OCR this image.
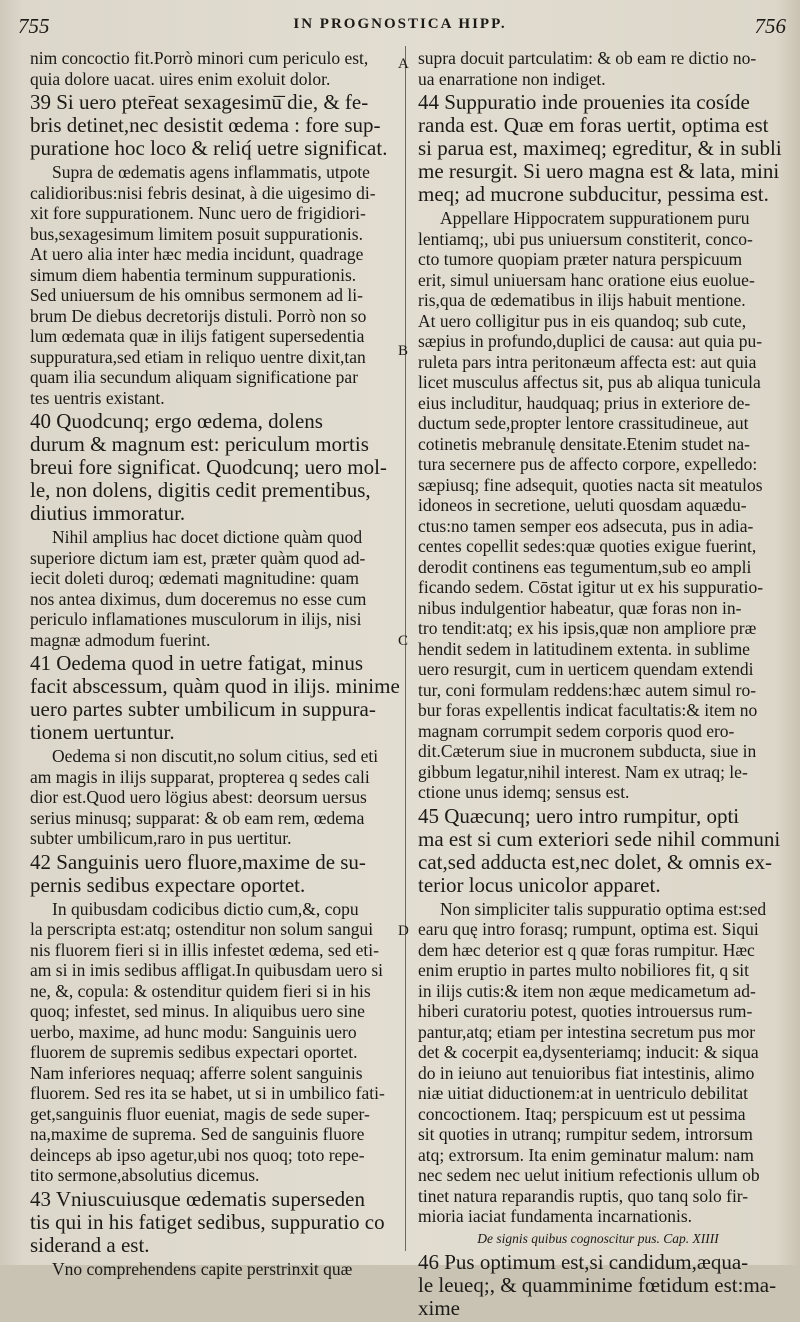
755	IN PROGNOSTICA HIPP.	756
A
B
C
D
nim concoctio fit.Porrò minori cum periculo est,
quia dolore uacat. uires enim exoluit dolor.
39 Si uero pter̄eat sexagesimū̄ die, & fe-
bris detinet,nec desistit œdema : fore sup-
puratione hoc loco & reliq́ uetre significat.
Supra de œdematis agens inflammatis, utpote
calidioribus:nisi febris desinat, à die uigesimo di-
xit fore suppurationem. Nunc uero de frigidiori-
bus,sexagesimum limitem posuit suppurationis.
At uero alia inter hæc media incidunt, quadrage
simum diem habentia terminum suppurationis.
Sed uniuersum de his omnibus sermonem ad li-
brum De diebus decretorijs distuli. Porrò non so
lum œdemata quæ in ilijs fatigent supersedentia
suppuratura,sed etiam in reliquo uentre dixit,tan
quam ilia secundum aliquam significatione par
tes uentris existant.
40 Quodcunq; ergo œdema, dolens
durum & magnum est: periculum mortis
breui fore significat. Quodcunq; uero mol-
le, non dolens, digitis cedit prementibus,
diutius immoratur.
Nihil amplius hac docet dictione quàm quod
superiore dictum iam est, præter quàm quod ad-
iecit doleti duroq; œdemati magnitudine: quam
nos antea diximus, dum doceremus no esse cum
periculo inflamationes musculorum in ilijs, nisi
magnæ admodum fuerint.
41 Oedema quod in uetre fatigat, minus
facit abscessum, quàm quod in ilijs. minime
uero partes subter umbilicum in suppura-
tionem uertuntur.
Oedema si non discutit,no solum citius, sed eti
am magis in ilijs supparat, propterea q sedes cali
dior est.Quod uero lögius abest: deorsum uersus
serius minusq; supparat: & ob eam rem, œdema
subter umbilicum,raro in pus uertitur.
42 Sanguinis uero fluore,maxime de su-
pernis sedibus expectare oportet.
In quibusdam codicibus dictio cum,&, copu
la perscripta est:atq; ostenditur non solum sangui
nis fluorem fieri si in illis infestet œdema, sed eti-
am si in imis sedibus affligat.In quibusdam uero si
ne, &, copula: & ostenditur quidem fieri si in his
quoq; infestet, sed minus. In aliquibus uero sine
uerbo, maxime, ad hunc modu: Sanguinis uero
fluorem de supremis sedibus expectari oportet.
Nam inferiores nequaq; afferre solent sanguinis
fluorem. Sed res ita se habet, ut si in umbilico fati-
get,sanguinis fluor eueniat, magis de sede super-
na,maxime de suprema. Sed de sanguinis fluore
deinceps ab ipso agetur,ubi nos quoq; toto repe-
tito sermone,absolutius dicemus.
43 Vniuscuiusque œdematis superseden
tis qui in his fatiget sedibus, suppuratio co
siderand a est.
Vno comprehendens capite perstrinxit quæ
supra docuit partculatim: & ob eam re dictio no-
ua enarratione non indiget.
44 Suppuratio inde prouenies ita cosíde
randa est. Quæ em foras uertit, optima est
si parua est, maximeq; egreditur, & in subli
me resurgit. Si uero magna est & lata, mini
meq; ad mucrone subducitur, pessima est.
Appellare Hippocratem suppurationem puru
lentiamq;, ubi pus uniuersum constiterit, conco-
cto tumore quopiam præter natura perspicuum
erit, simul uniuersam hanc oratione eius euolue-
ris,qua de œdematibus in ilijs habuit mentione.
At uero colligitur pus in eis quandoq; sub cute,
sæpius in profundo,duplici de causa: aut quia pu-
ruleta pars intra peritonæum affecta est: aut quia
licet musculus affectus sit, pus ab aliqua tunicula
eius includitur, haudquaq; prius in exteriore de-
ductum sede,propter lentore crassitudineue, aut
cotinetis mebranulę densitate.Etenim studet na-
tura secernere pus de affecto corpore, expelledo:
sæpiusq; fine adsequit, quoties nacta sit meatulos
idoneos in secretione, ueluti quosdam aquædu-
ctus:no tamen semper eos adsecuta, pus in adia-
centes copellit sedes:quæ quoties exigue fuerint,
derodit continens eas tegumentum,sub eo ampli
ficando sedem. Cōstat igitur ut ex his suppuratio-
nibus indulgentior habeatur, quæ foras non in-
tro tendit:atq; ex his ipsis,quæ non ampliore præ
hendit sedem in latitudinem extenta. in sublime
uero resurgit, cum in uerticem quendam extendi
tur, coni formulam reddens:hæc autem simul ro-
bur foras expellentis indicat facultatis:& item no
magnam corrumpit sedem corporis quod ero-
dit.Cæterum siue in mucronem subducta, siue in
gibbum legatur,nihil interest. Nam ex utraq; le-
ctione unus idemq; sensus est.
45 Quæcunq; uero intro rumpitur, opti
ma est si cum exteriori sede nihil communi
cat,sed adducta est,nec dolet, & omnis ex-
terior locus unicolor apparet.
Non simpliciter talis suppuratio optima est:sed
earu quę intro forasq; rumpunt, optima est. Siqui
dem hæc deterior est q quæ foras rumpitur. Hæc
enim eruptio in partes multo nobiliores fit, q sit
in ilijs cutis:& item non æque medicametum ad-
hiberi curatoriu potest, quoties introuersus rum-
pantur,atq; etiam per intestina secretum pus mor
det & cocerpit ea,dysenteriamq; inducit: & siqua
do in ieiuno aut tenuioribus fiat intestinis, alimo
niæ uitiat diductionem:at in uentriculo debilitat
concoctionem. Itaq; perspicuum est ut pessima
sit quoties in utranq; rumpitur sedem, introrsum
atq; extrorsum. Ita enim geminatur malum: nam
nec sedem nec uelut initium refectionis ullum ob
tinet natura reparandis ruptis, quo tanq solo fir-
mioria iaciat fundamenta incarnationis.
De signis quibus cognoscitur pus. Cap. XIIII
46 Pus optimum est,si candidum,æqua-
le leueq;, & quamminime fœtidum est:ma-
xime
